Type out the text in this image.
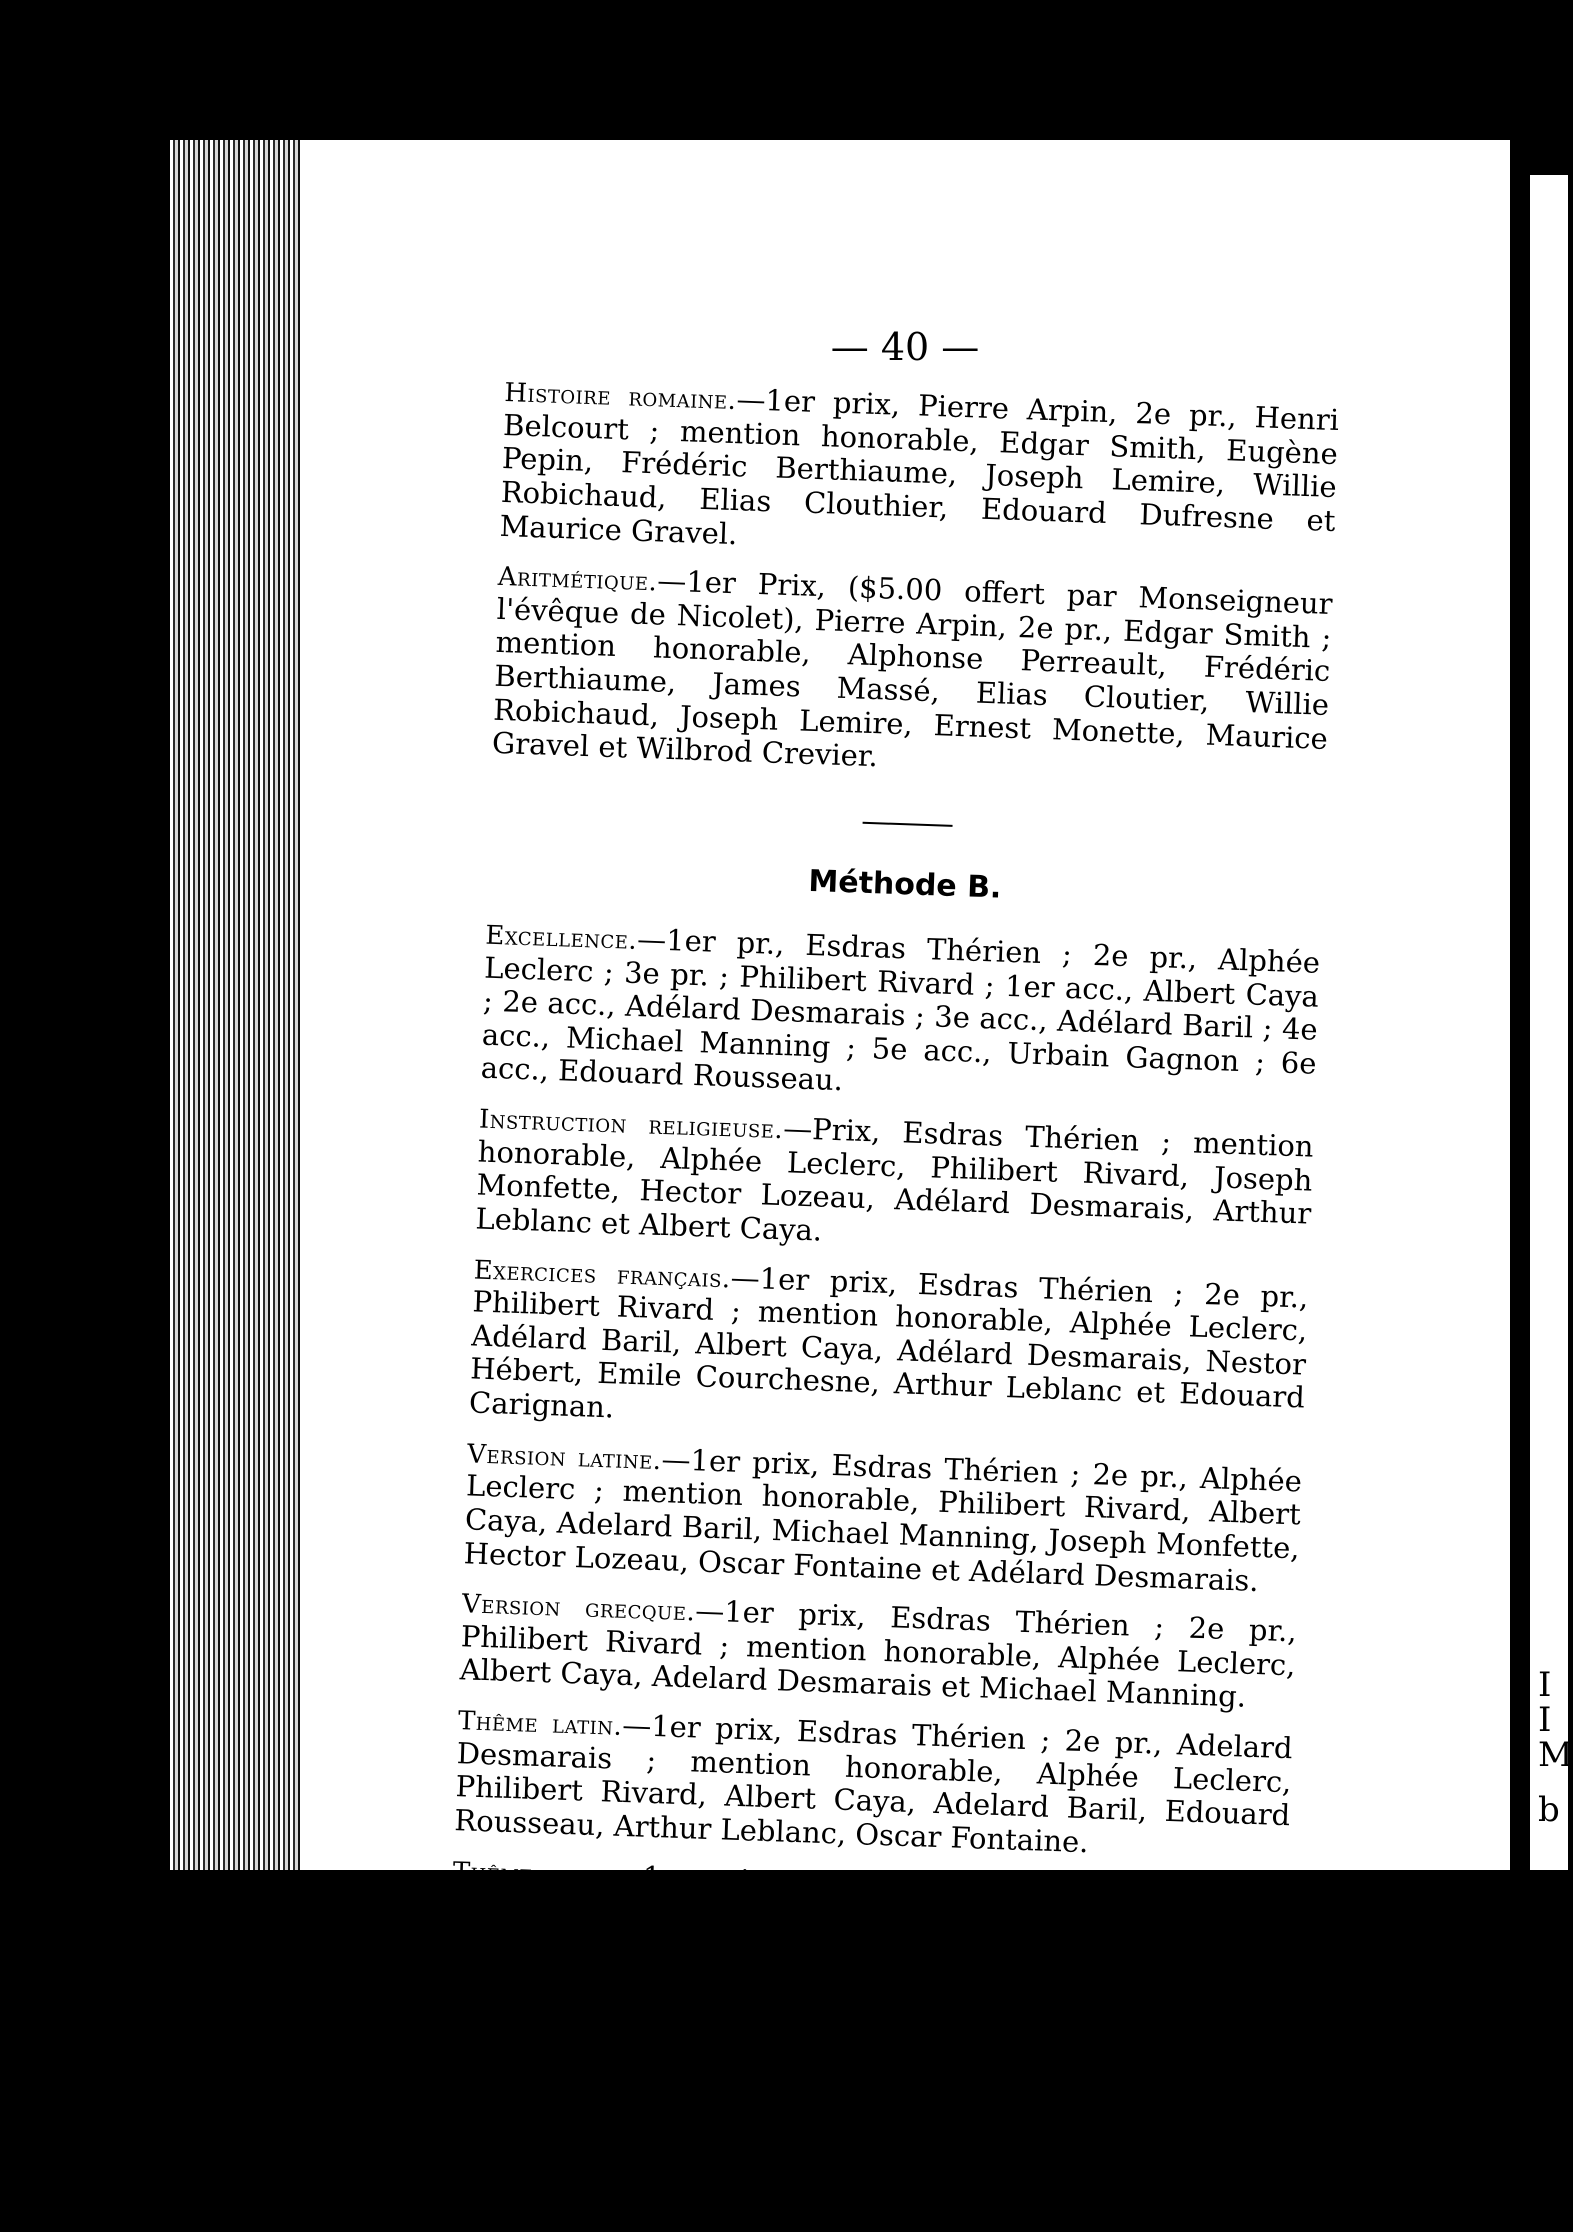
— 40 —

Histoire romaine.—1er prix, Pierre Arpin, 2e pr., Henri Belcourt ; mention honorable, Edgar Smith, Eugène Pepin, Frédéric Berthiaume, Joseph Lemire, Willie Robichaud, Elias Clouthier, Edouard Dufresne et Maurice Gravel.

Aritmétique.—1er Prix, ($5.00 offert par Monseigneur l'évêque de Nicolet), Pierre Arpin, 2e pr., Edgar Smith ; mention honorable, Alphonse Perreault, Frédéric Berthiaume, James Massé, Elias Cloutier, Willie Robichaud, Joseph Lemire, Ernest Monette, Maurice Gravel et Wilbrod Crevier.

Méthode B.

Excellence.—1er pr., Esdras Thérien ; 2e pr., Alphée Leclerc ; 3e pr. ; Philibert Rivard ; 1er acc., Albert Caya ; 2e acc., Adélard Desmarais ; 3e acc., Adélard Baril ; 4e acc., Michael Manning ; 5e acc., Urbain Gagnon ; 6e acc., Edouard Rousseau.

Instruction religieuse.—Prix, Esdras Thérien ; mention honorable, Alphée Leclerc, Philibert Rivard, Joseph Monfette, Hector Lozeau, Adélard Desmarais, Arthur Leblanc et Albert Caya.

Exercices français.—1er prix, Esdras Thérien ; 2e pr., Philibert Rivard ; mention honorable, Alphée Leclerc, Adélard Baril, Albert Caya, Adélard Desmarais, Nestor Hébert, Emile Courchesne, Arthur Leblanc et Edouard Carignan.

Version latine.—1er prix, Esdras Thérien ; 2e pr., Alphée Leclerc ; mention honorable, Philibert Rivard, Albert Caya, Adelard Baril, Michael Manning, Joseph Monfette, Hector Lozeau, Oscar Fontaine et Adélard Desmarais.

Version grecque.—1er prix, Esdras Thérien ; 2e pr., Philibert Rivard ; mention honorable, Alphée Leclerc, Albert Caya, Adelard Desmarais et Michael Manning.

Thême latin.—1er prix, Esdras Thérien ; 2e pr., Adelard Desmarais ; mention honorable, Alphée Leclerc, Philibert Rivard, Albert Caya, Adelard Baril, Edouard Rousseau, Arthur Leblanc, Oscar Fontaine.

Thême grec.—1er prix, Esdras Thérien, 2e pr., Philibert Rivard ; mention honorable, Alphée Leclerc, Adélard Desmarais, Albert Caya, Hector Lozeau, Adélard Baril, Urbain Gagnon et Arthur Leblanc.

I
I
M
b
